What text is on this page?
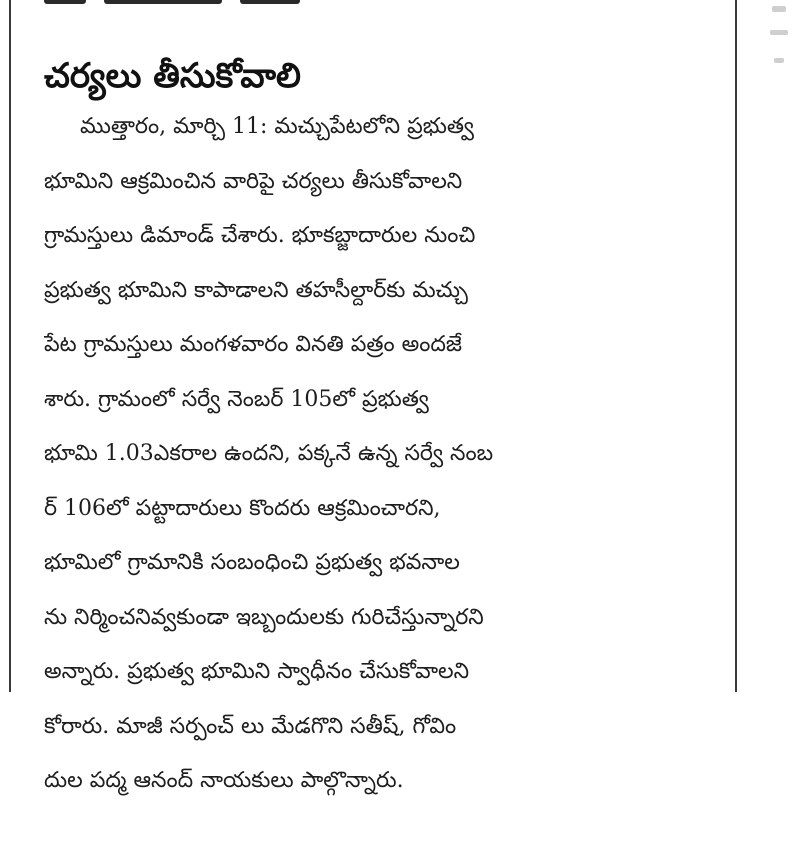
చర్యలు తీసుకోవాలి
ముత్తారం, మార్చి 11: మచ్చుపేటలోని ప్రభుత్వ
భూమిని ఆక్రమించిన వారిపై చర్యలు తీసుకోవాలని
గ్రామస్తులు డిమాండ్ చేశారు. భూకబ్జాదారుల నుంచి
ప్రభుత్వ భూమిని కాపాడాలని తహసీల్దార్‌కు మచ్చు
పేట గ్రామస్తులు మంగళవారం వినతి పత్రం అందజే
శారు. గ్రామంలో సర్వే నెంబర్ 105లో ప్రభుత్వ
భూమి 1.03ఎకరాల ఉందని, పక్కనే ఉన్న సర్వే నంబ
ర్ 106లో పట్టాదారులు కొందరు ఆక్రమించారని,
భూమిలో గ్రామానికి సంబంధించి ప్రభుత్వ భవనాల
ను నిర్మించనివ్వకుండా ఇబ్బందులకు గురిచేస్తున్నారని
అన్నారు. ప్రభుత్వ భూమిని స్వాధీనం చేసుకోవాలని
కోరారు. మాజీ సర్పంచ్ లు మేడగొని సతీష్, గోవిం
దుల పద్మ ఆనంద్ నాయకులు పాల్గొన్నారు.
